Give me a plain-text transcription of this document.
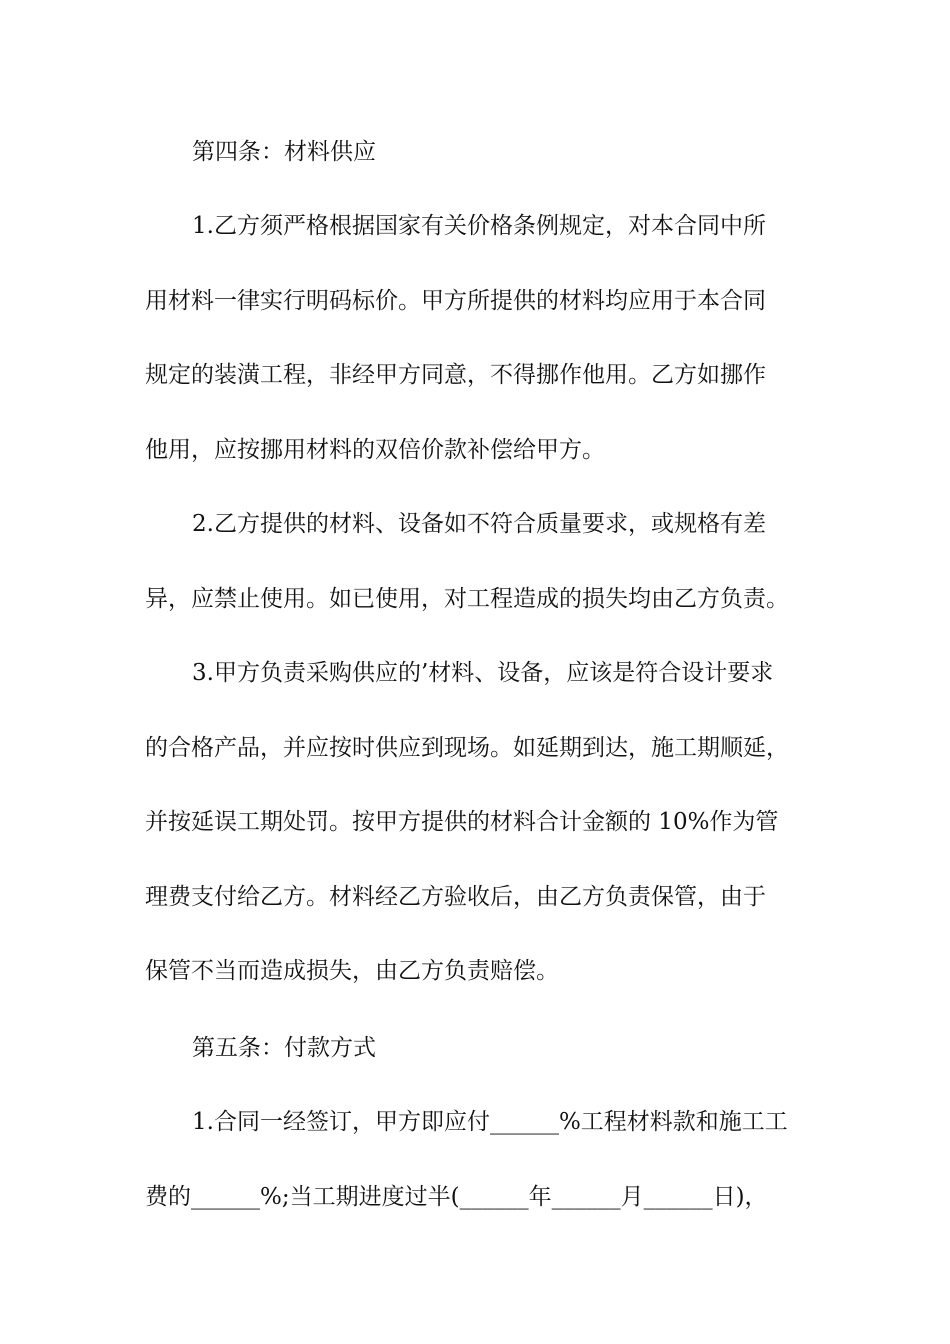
第四条：材料供应

1.乙方须严格根据国家有关价格条例规定，对本合同中所

用材料一律实行明码标价。甲方所提供的材料均应用于本合同

规定的装潢工程，非经甲方同意，不得挪作他用。乙方如挪作

他用，应按挪用材料的双倍价款补偿给甲方。

2.乙方提供的材料、设备如不符合质量要求，或规格有差

异，应禁止使用。如已使用，对工程造成的损失均由乙方负责。

3.甲方负责采购供应的’材料、设备，应该是符合设计要求

的合格产品，并应按时供应到现场。如延期到达，施工期顺延，

并按延误工期处罚。按甲方提供的材料合计金额的 10%作为管

理费支付给乙方。材料经乙方验收后，由乙方负责保管，由于

保管不当而造成损失，由乙方负责赔偿。

第五条：付款方式

1.合同一经签订，甲方即应付______%工程材料款和施工工

费的______%;当工期进度过半(______年______月______日)，
